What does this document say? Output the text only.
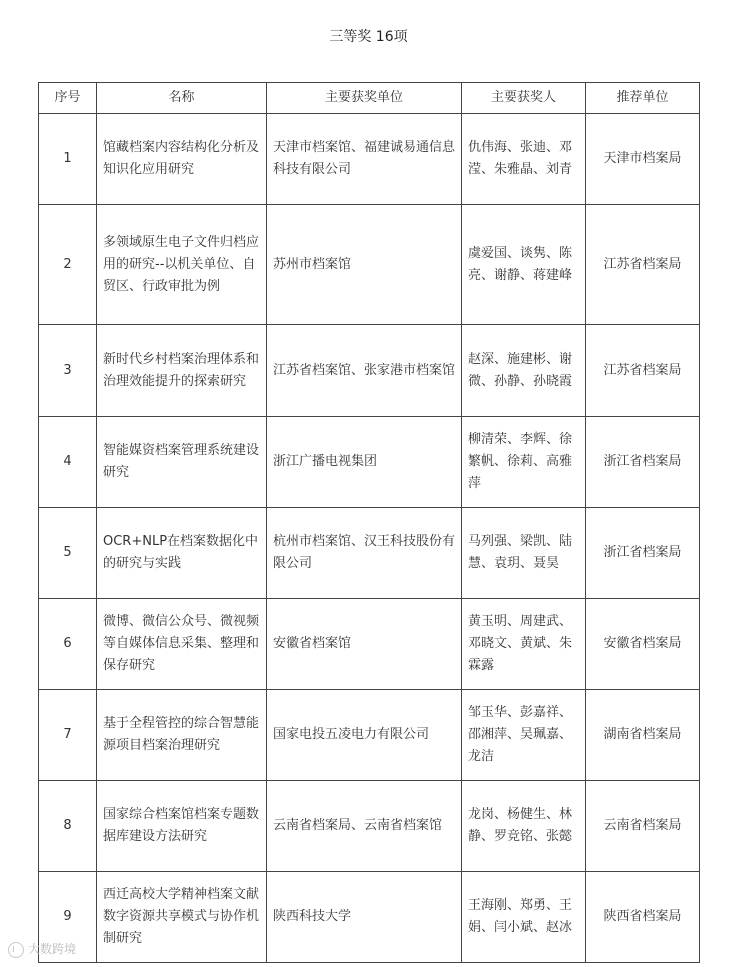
三等奖 16项
序号	名称	主要获奖单位	主要获奖人	推荐单位
1	馆藏档案内容结构化分析及知识化应用研究	天津市档案馆、福建诚易通信息科技有限公司	仇伟海、张迪、邓滢、朱雅晶、刘青	天津市档案局
2	多领域原生电子文件归档应用的研究--以机关单位、自贸区、行政审批为例	苏州市档案馆	虞爱国、谈隽、陈亮、谢静、蒋建峰	江苏省档案局
3	新时代乡村档案治理体系和治理效能提升的探索研究	江苏省档案馆、张家港市档案馆	赵深、施建彬、谢微、孙静、孙晓霞	江苏省档案局
4	智能媒资档案管理系统建设研究	浙江广播电视集团	柳清荣、李辉、徐繁帆、徐莉、高雅萍	浙江省档案局
5	OCR+NLP在档案数据化中的研究与实践	杭州市档案馆、汉王科技股份有限公司	马列强、梁凯、陆慧、袁玥、聂昊	浙江省档案局
6	微博、微信公众号、微视频等自媒体信息采集、整理和保存研究	安徽省档案馆	黄玉明、周建武、邓晓文、黄斌、朱霖露	安徽省档案局
7	基于全程管控的综合智慧能源项目档案治理研究	国家电投五凌电力有限公司	邹玉华、彭嘉祥、邵湘萍、吴珮嘉、龙洁	湖南省档案局
8	国家综合档案馆档案专题数据库建设方法研究	云南省档案局、云南省档案馆	龙岗、杨健生、林静、罗竞铭、张懿	云南省档案局
9	西迁高校大学精神档案文献数字资源共享模式与协作机制研究	陕西科技大学	王海刚、郑勇、王娟、闫小斌、赵冰	陕西省档案局
大数跨境
